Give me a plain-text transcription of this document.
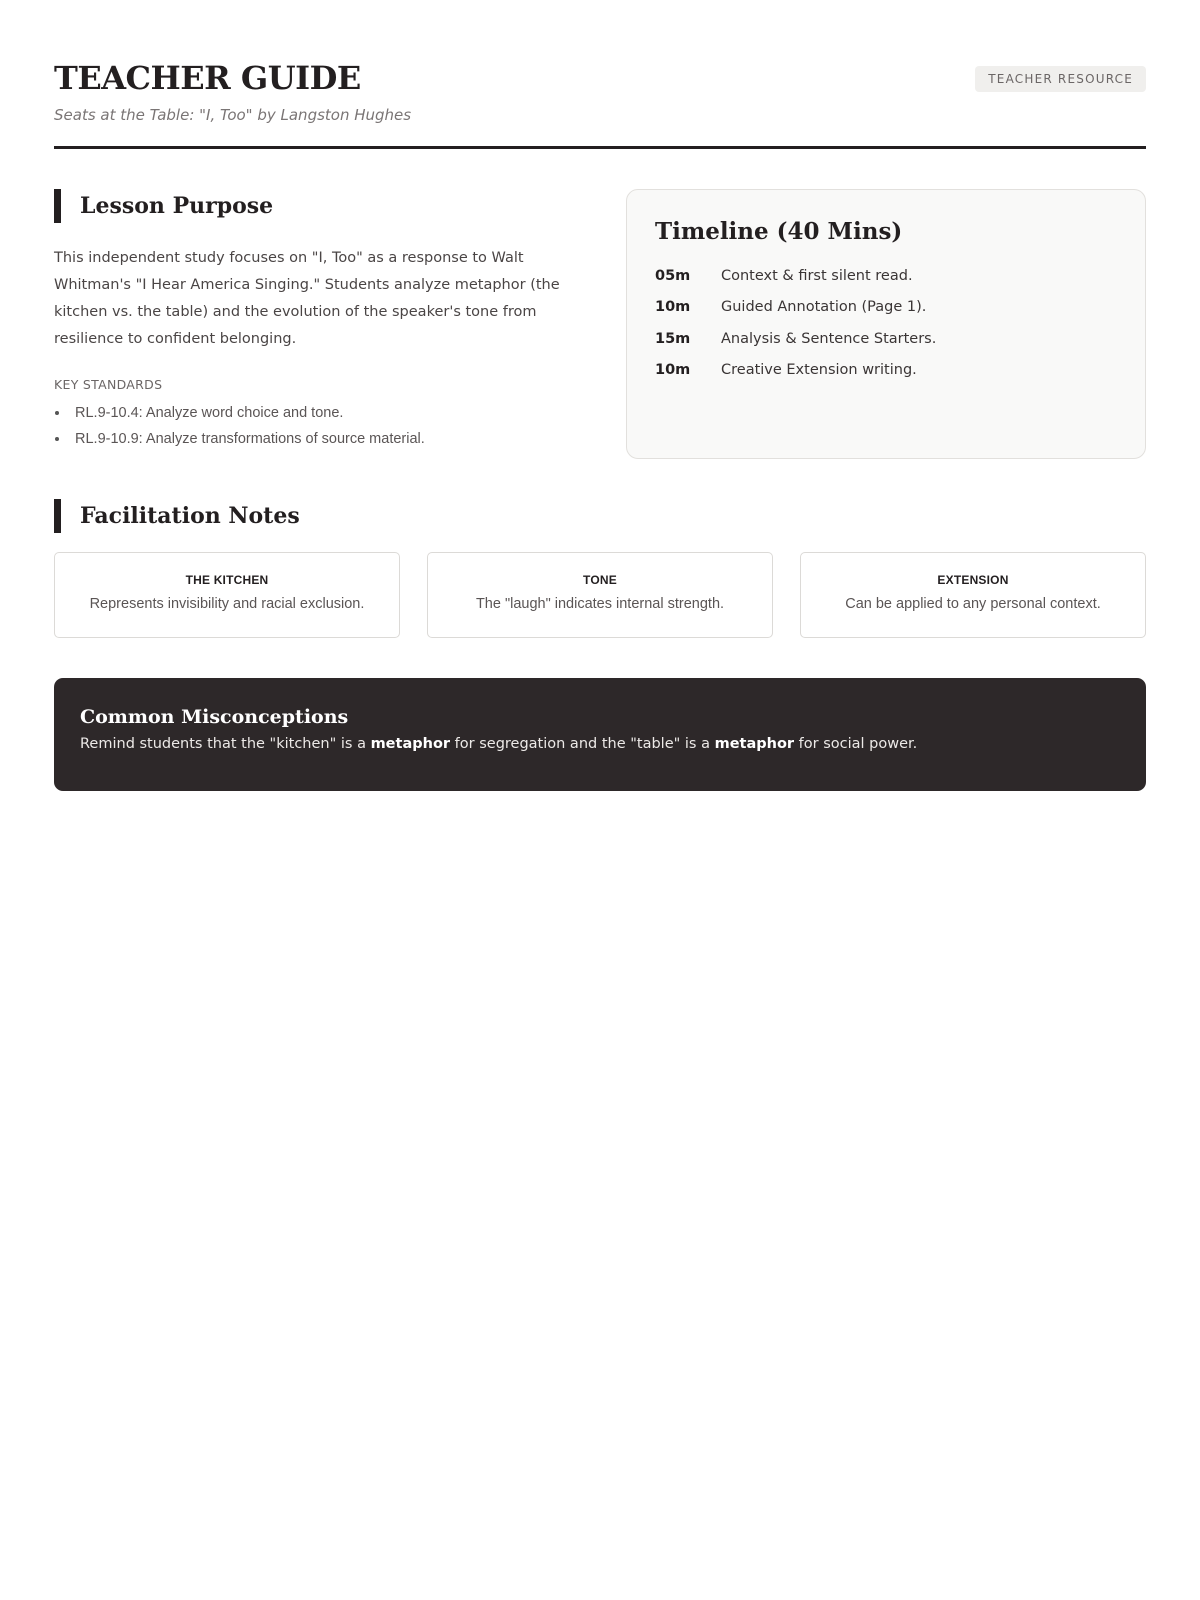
TEACHER GUIDE
Seats at the Table: "I, Too" by Langston Hughes
TEACHER RESOURCE
Lesson Purpose

This independent study focuses on "I, Too" as a response to Walt Whitman's "I Hear America Singing." Students analyze metaphor (the kitchen vs. the table) and the evolution of the speaker's tone from resilience to confident belonging.

KEY STANDARDS
RL.9-10.4: Analyze word choice and tone.
RL.9-10.9: Analyze transformations of source material.
Timeline (40 Mins)
05m	Context & first silent read.
10m	Guided Annotation (Page 1).
15m	Analysis & Sentence Starters.
10m	Creative Extension writing.
Facilitation Notes
THE KITCHEN
Represents invisibility and racial exclusion.
TONE
The "laugh" indicates internal strength.
EXTENSION
Can be applied to any personal context.
Common Misconceptions
Remind students that the "kitchen" is a metaphor for segregation and the "table" is a metaphor for social power.
